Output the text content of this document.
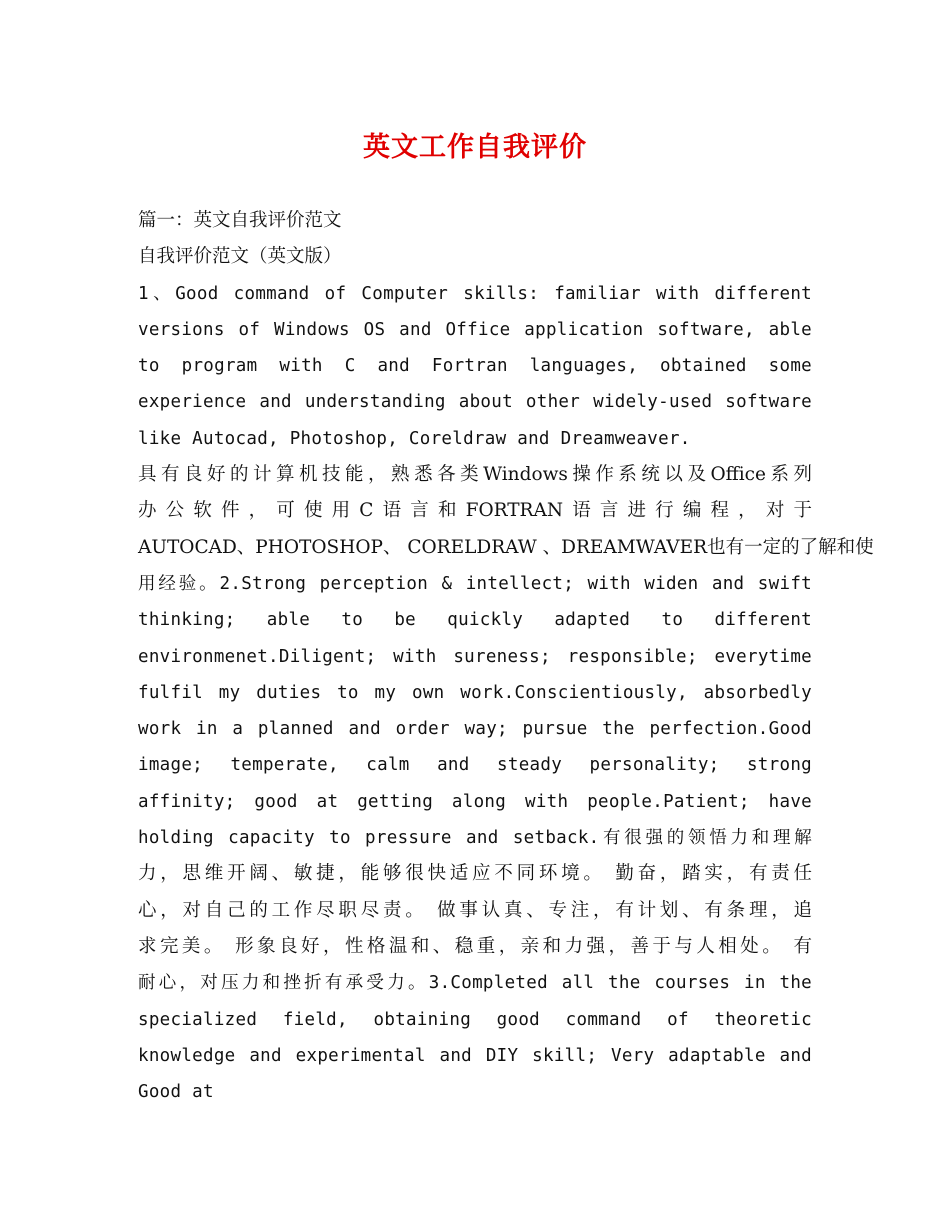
英文工作自我评价
篇一：英文自我评价范文
自我评价范文（英文版）
1、Good command of Computer skills: familiar with different
versions of Windows OS and Office application software, able
to program with C and Fortran languages, obtained some
experience and understanding about other widely-used software
like Autocad, Photoshop, Coreldraw and Dreamweaver.
具有良好的计算机技能，熟悉各类Windows操作系统以及Office系列
办公软件，可使用C语言和FORTRAN语言进行编程，对于
AUTOCAD、PHOTOSHOP、 CORELDRAW 、DREAMWAVER也有一定的了解和使
用经验。2.Strong perception & intellect; with widen and swift
thinking; able to be quickly adapted to different
environmenet.Diligent; with sureness; responsible; everytime
fulfil my duties to my own work.Conscientiously, absorbedly
work in a planned and order way; pursue the perfection.Good
image; temperate, calm and steady personality; strong
affinity; good at getting along with people.Patient; have
holding capacity to pressure and setback.有很强的领悟力和理解
力，思维开阔、敏捷，能够很快适应不同环境。 勤奋，踏实，有责任
心，对自己的工作尽职尽责。 做事认真、专注，有计划、有条理，追
求完美。 形象良好，性格温和、稳重，亲和力强，善于与人相处。 有
耐心，对压力和挫折有承受力。3.Completed all the courses in the
specialized field, obtaining good command of theoretic
knowledge and experimental and DIY skill; Very adaptable and
Good at
